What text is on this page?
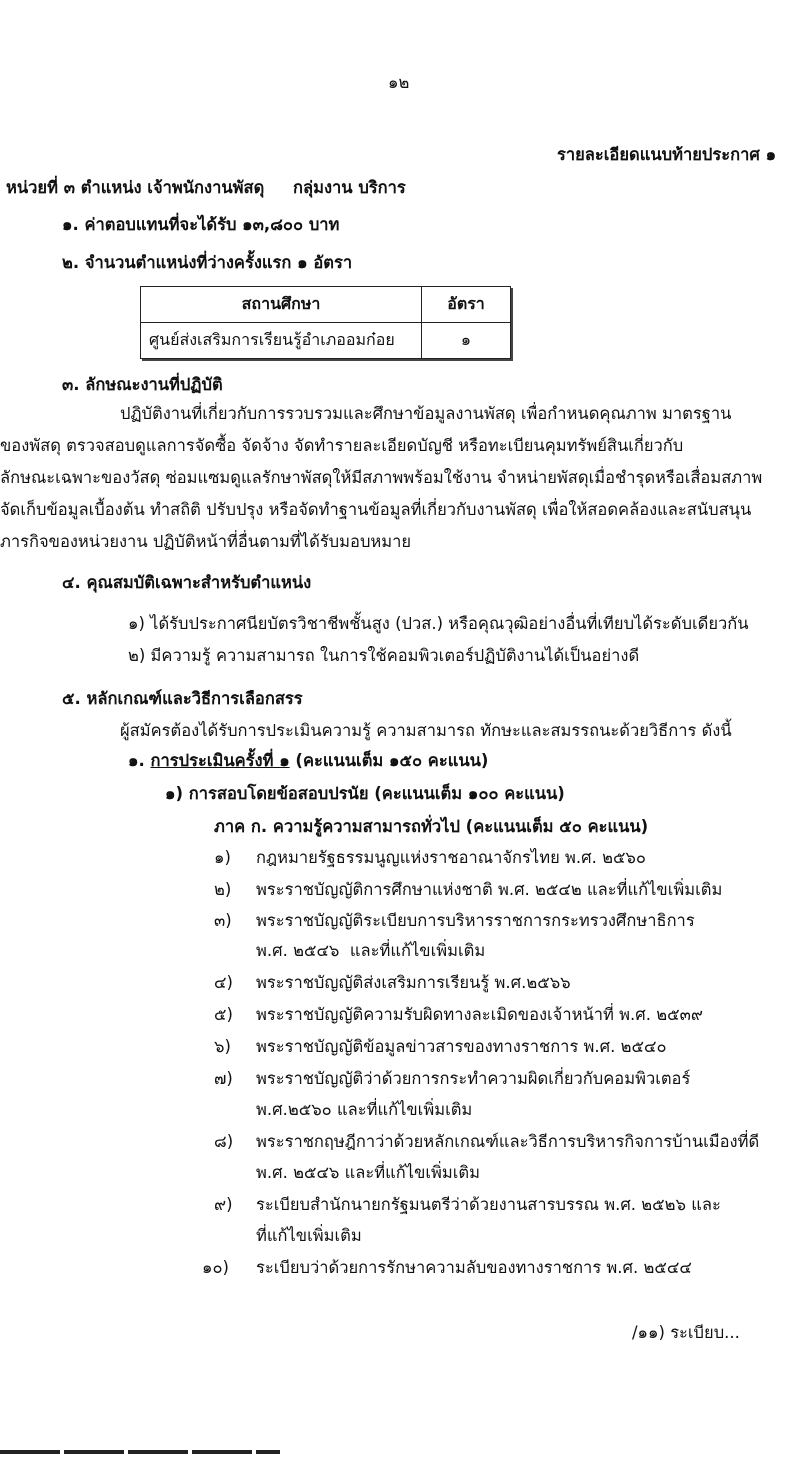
๑๒
รายละเอียดแนบท้ายประกาศ ๑
หน่วยที่ ๓ ตำแหน่ง เจ้าพนักงานพัสดุ     กลุ่มงาน บริการ
๑. ค่าตอบแทนที่จะได้รับ ๑๓,๘๐๐ บาท
๒. จำนวนตำแหน่งที่ว่างครั้งแรก ๑ อัตรา
สถานศึกษา	อัตรา
ศูนย์ส่งเสริมการเรียนรู้อำเภออมก๋อย	๑
๓. ลักษณะงานที่ปฏิบัติ
ปฏิบัติงานที่เกี่ยวกับการรวบรวมและศึกษาข้อมูลงานพัสดุ เพื่อกำหนดคุณภาพ มาตรฐาน
ของพัสดุ ตรวจสอบดูแลการจัดซื้อ จัดจ้าง จัดทำรายละเอียดบัญชี หรือทะเบียนคุมทรัพย์สินเกี่ยวกับ
ลักษณะเฉพาะของวัสดุ ซ่อมแซมดูแลรักษาพัสดุให้มีสภาพพร้อมใช้งาน จำหน่ายพัสดุเมื่อชำรุดหรือเสื่อมสภาพ
จัดเก็บข้อมูลเบื้องต้น ทำสถิติ ปรับปรุง หรือจัดทำฐานข้อมูลที่เกี่ยวกับงานพัสดุ เพื่อให้สอดคล้องและสนับสนุน
ภารกิจของหน่วยงาน ปฏิบัติหน้าที่อื่นตามที่ได้รับมอบหมาย
๔. คุณสมบัติเฉพาะสำหรับตำแหน่ง
๑) ได้รับประกาศนียบัตรวิชาชีพชั้นสูง (ปวส.) หรือคุณวุฒิอย่างอื่นที่เทียบได้ระดับเดียวกัน
๒) มีความรู้ ความสามารถ ในการใช้คอมพิวเตอร์ปฏิบัติงานได้เป็นอย่างดี
๕. หลักเกณฑ์และวิธีการเลือกสรร
ผู้สมัครต้องได้รับการประเมินความรู้ ความสามารถ ทักษะและสมรรถนะด้วยวิธีการ ดังนี้
๑. การประเมินครั้งที่ ๑ (คะแนนเต็ม ๑๕๐ คะแนน)
๑) การสอบโดยข้อสอบปรนัย (คะแนนเต็ม ๑๐๐ คะแนน)
ภาค ก. ความรู้ความสามารถทั่วไป (คะแนนเต็ม ๕๐ คะแนน)
๑) กฎหมายรัฐธรรมนูญแห่งราชอาณาจักรไทย พ.ศ. ๒๕๖๐
๒) พระราชบัญญัติการศึกษาแห่งชาติ พ.ศ. ๒๕๔๒ และที่แก้ไขเพิ่มเติม
๓) พระราชบัญญัติระเบียบการบริหารราชการกระทรวงศึกษาธิการ
พ.ศ. ๒๕๔๖  และที่แก้ไขเพิ่มเติม
๔) พระราชบัญญัติส่งเสริมการเรียนรู้ พ.ศ.๒๕๖๖
๕) พระราชบัญญัติความรับผิดทางละเมิดของเจ้าหน้าที่ พ.ศ. ๒๕๓๙
๖) พระราชบัญญัติข้อมูลข่าวสารของทางราชการ พ.ศ. ๒๕๔๐
๗) พระราชบัญญัติว่าด้วยการกระทำความผิดเกี่ยวกับคอมพิวเตอร์
พ.ศ.๒๕๖๐ และที่แก้ไขเพิ่มเติม
๘) พระราชกฤษฎีกาว่าด้วยหลักเกณฑ์และวิธีการบริหารกิจการบ้านเมืองที่ดี
พ.ศ. ๒๕๔๖ และที่แก้ไขเพิ่มเติม
๙) ระเบียบสำนักนายกรัฐมนตรีว่าด้วยงานสารบรรณ พ.ศ. ๒๕๒๖ และ
ที่แก้ไขเพิ่มเติม
๑๐) ระเบียบว่าด้วยการรักษาความลับของทางราชการ พ.ศ. ๒๕๔๔
/๑๑) ระเบียบ...
